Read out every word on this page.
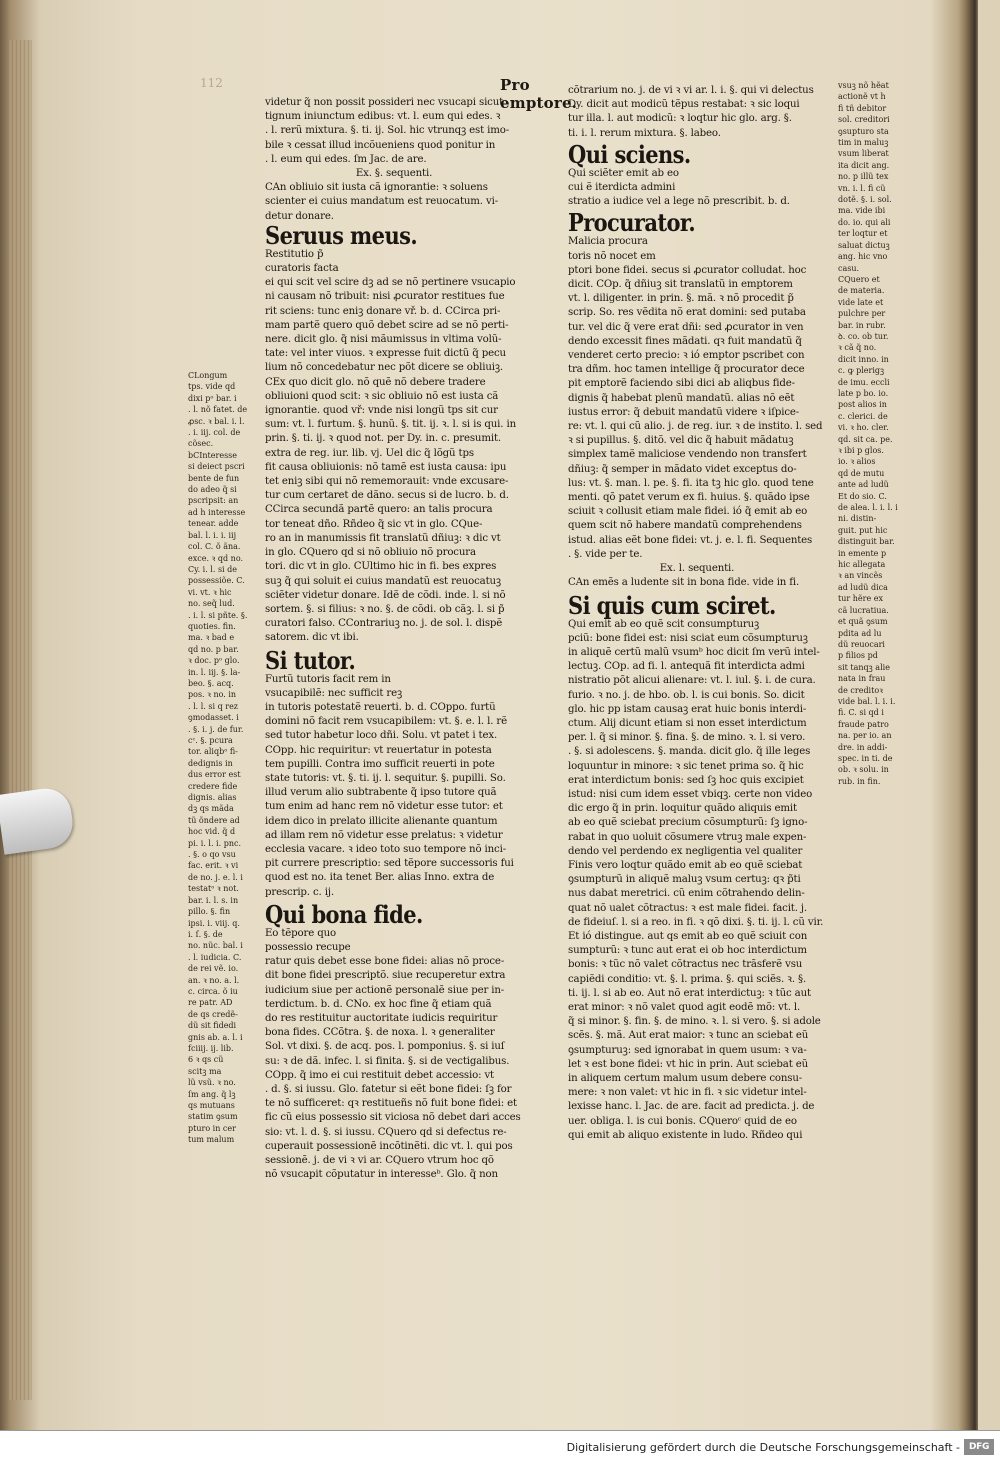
112	Pro emptore.
CLongum
tps. vide qd
dixi pᵒ bar. i
. l. nõ fatet. de
ꝓsc. ꝛ bal. i. l.
. i. iij. col. de
cõsec.
bCInteresse
si deiect pscri
bente de fun
do adeo q̃ si
pscripsit: an
ad h interesse
tenear. adde
bal. l. i. i. iij
col. C. õ ãna.
exce. ꝛ qd no.
Cy. i. l. si de
possessiõe. C.
vi. vt. ꝛ hic
no. seq̃ lud.
. i. l. si pñte. §.
quoties. fin.
ma. ꝛ bad e
qd no. p bar.
ꝛ doc. pᵒ glo.
in. l. iij. §. la-
beo. §. acq.
pos. ꝛ no. in
. l. l. si q rez
ꝯmodasset. i
. §. i. j. de fur.
cᶜ. §. pcura
tor. aliqbᵒ fi-
dedignis in
dus error est
credere fide
dignis. alias
dꝫ qs mãda
tũ õndere ad
hoc vid. q̃ d
pi. i. l. i. pnc.
. §. o qo vsu
fac. erit. ꝛ vi
de no. j. e. l. i
testatᵒ ꝛ not.
bar. i. l. s. in
pillo. §. fin
ipsi. i. viij. q.
i. ſ. §. de
no. nũc. bal. i
. l. iudicia. C.
de rei vẽ. io.
an. ꝛ no. a. l.
c. circa. õ iu
re patr. AD
de qs credẽ-
dũ sit fidedi
gnis ab. a. l. i
fciiij. ij. lib.
6 ꝛ qs cũ
scitꝫ ma
lũ vsũ. ꝛ no.
ſm ang. q̃ lꝫ
qs mutuans
statim ꝯsum
pturo in cer
tum malum
vsuꝫ nõ hẽat
actionẽ vt h
fi tñ debitor
sol. creditori
ꝯsupturo sta
tim in maluꝫ
vsum liberat
ita dicit ang.
no. p illũ tex
vn. i. l. fi cũ
dotẽ. §. i. sol.
ma. vide ibi
do. io. qui ali
ter loqtur et
saluat dictuꝫ
ang. hic vno
casu.
CQuero et
de materia.
vide late et
pulchre per
bar. in rubr.
ꝺ. co. ob tur.
ꝛ cã q̃ no.
dicit inno. in
c. ꝙ plerigꝫ
de imu. eccli
late p bo. io.
post alios in
c. clerici. de
vi. ꝛ ho. cler.
qd. sit ca. pe.
ꝛ ibi p glos.
io. ꝛ alios
qd de mutu
ante ad ludũ
Et do sio. C.
de alea. l. i. l. i
ni. distin-
guit. put hic
distinguit bar.
in emente p
hic allegata
ꝛ an vincẽs
ad ludũ dica
tur hẽre ex
cã lucratiua.
et quã ꝯsum
pdita ad lu
dũ reuocari
p filios pd
sit tanqꝫ alie
nata in frau
de creditoꝛ
vide bal. l. i. i.
fi. C. si qd i
fraude patro
na. per io. an
dre. in addi-
spec. in ti. de
ob. ꝛ solu. in
rub. in fin.

videtur q̃ non possit possideri nec vsucapi sicut
tignum iniunctum edibus: vt. l. eum qui edes. ꝛ
. l. rerũ mixtura. §. ti. ij. Sol. hic vtrunqꝫ est imo-
bile ꝛ cessat illud incõueniens quod ponitur in
. l. eum qui edes. ſm Jac. de are.
Ex. §. sequenti.
CAn obliuio sit iusta cã ignorantie: ꝛ soluens
scienter ei cuius mandatum est reuocatum. vi-
detur donare.

Seruus meus.

Restitutio p̃
curatoris facta

ei qui scit vel scire dꝫ ad se nõ pertinere vsucapio
ni causam nõ tribuit: nisi ꝓcurator restitues fue
rit sciens: tunc eniꝫ donare vř. b. d. CCirca pri-
mam partẽ quero quõ debet scire ad se nõ perti-
nere. dicit glo. q̃ nisi mãumissus in vltima volũ-
tate: vel inter viuos. ꝛ expresse fuit dictũ q̃ pecu
lium nõ concedebatur nec põt dicere se obliuiꝫ.
CEx quo dicit glo. nõ quẽ nõ debere tradere
obliuioni quod scit: ꝛ sic obliuio nõ est iusta cã
ignorantie. quod vř: vnde nisi longũ tps sit cur
sum: vt. l. furtum. §. hunũ. §. tit. ij. ꝛ. l. si is qui. in
prin. §. ti. ij. ꝛ quod not. per Dy. in. c. presumit.
extra de reg. iur. lib. vj. Uel dic q̃ lõgũ tps
fit causa obliuionis: nõ tamẽ est iusta causa: ipu
tet eniꝫ sibi qui nõ rememorauit: vnde excusare-
tur cum certaret de dãno. secus si de lucro. b. d.
CCirca secundã partẽ quero: an talis procura
tor teneat dño. Rñdeo q̃ sic vt in glo. CQue-
ro an in manumissis fit translatũ dñiuꝫ: ꝛ dic vt
in glo. CQuero qd si nõ obliuio nõ procura
tori. dic vt in glo. CUltimo hic in fi. bes expres
suꝫ q̃ qui soluit ei cuius mandatũ est reuocatuꝫ
sciẽter videtur donare. Idẽ de cõdi. inde. l. si nõ
sortem. §. si filius: ꝛ no. §. de cõdi. ob cãꝫ. l. si p̃
curatori falso. CContrariuꝫ no. j. de sol. l. dispẽ
satorem. dic vt ibi.

Si tutor.

Furtũ tutoris facit rem in
vsucapibilẽ: nec sufficit reꝫ

in tutoris potestatẽ reuerti. b. d. COppo. furtũ
domini nõ facit rem vsucapibilem: vt. §. e. l. l. rẽ
sed tutor habetur loco dñi. Solu. vt patet i tex.
COpp. hic requiritur: vt reuertatur in potesta
tem pupilli. Contra imo sufficit reuerti in pote
state tutoris: vt. §. ti. ij. l. sequitur. §. pupilli. So.
illud verum alio subtrabente q̃ ipso tutore quã
tum enim ad hanc rem nõ videtur esse tutor: et
idem dico in prelato illicite alienante quantum
ad illam rem nõ videtur esse prelatus: ꝛ videtur
ecclesia vacare. ꝛ ideo toto suo tempore nõ inci-
pit currere prescriptio: sed tẽpore successoris fui
quod est no. ita tenet Ber. alias Inno. extra de
prescrip. c. ij.

Qui bona fide.

Eo tẽpore quo
possessio recupe

ratur quis debet esse bone fidei: alias nõ proce-
dit bone fidei prescriptõ. siue recuperetur extra
iudicium siue per actionẽ personalẽ siue per in-
terdictum. b. d. CNo. ex hoc fine q̃ etiam quã
do res restituitur auctoritate iudicis requiritur
bona fides. CCõtra. §. de noxa. l. ꝛ generaliter
Sol. vt dixi. §. de acq. pos. l. pomponius. §. si iuſ
su: ꝛ de dã. infec. l. si finita. §. si de vectigalibus.
COpp. q̃ imo ei cui restituit debet accessio: vt
. d. §. si iussu. Glo. fatetur si eẽt bone fidei: ſꝫ for
te nõ sufficeret: qꝛ restitueñs nõ fuit bone fidei: et
fic cũ eius possessio sit viciosa nõ debet dari acces
sio: vt. l. d. §. si iussu. CQuero qd si defectus re-
cuperauit possessionẽ incõtinẽti. dic vt. l. qui pos
sessionẽ. j. de vi ꝛ vi ar. CQuero vtrum hoc qõ
nõ vsucapit cõputatur in interesseᵇ. Glo. q̃ non

cõtrarium no. j. de vi ꝛ vi ar. l. i. §. qui vi delectus
Dy. dicit aut modicũ tẽpus restabat: ꝛ sic loqui
tur illa. l. aut modicũ: ꝛ loqtur hic glo. arg. §.
ti. i. l. rerum mixtura. §. labeo.

Qui sciens.

Qui sciẽter emit ab eo
cui ẽ iterdicta admini

stratio a iudice vel a lege nõ prescribit. b. d.

Procurator.

Malicia procura
toris nõ nocet em

ptori bone fidei. secus si ꝓcurator colludat. hoc
dicit. COp. q̃ dñiuꝫ sit translatũ in emptorem
vt. l. diligenter. in prin. §. mã. ꝛ nõ procedit p̃
scrip. So. res vẽdita nõ erat domini: sed putaba
tur. vel dic q̃ vere erat dñi: sed ꝓcurator in ven
dendo excessit fines mãdati. qꝛ fuit mandatũ q̃
venderet certo precio: ꝛ ió emptor pscribet con
tra dñm. hoc tamen intellige q̃ procurator dece
pit emptorẽ faciendo sibi dici ab aliqbus fide-
dignis q̃ habebat plenũ mandatũ. alias nõ eẽt
iustus error: q̃ debuit mandatũ videre ꝛ iſpice-
re: vt. l. qui cũ alio. j. de reg. iur. ꝛ de instito. l. sed
ꝛ si pupillus. §. ditõ. vel dic q̃ habuit mãdatuꝫ
simplex tamẽ maliciose vendendo non transfert
dñiuꝫ: q̃ semper in mãdato videt exceptus do-
lus: vt. §. man. l. pe. §. fi. ita tꝫ hic glo. quod tene
menti. qõ patet verum ex fi. huius. §. quãdo ipse
sciuit ꝛ collusit etiam male fidei. ió q̃ emit ab eo
quem scit nõ habere mandatũ comprehendens
istud. alias eẽt bone fidei: vt. j. e. l. fi. Sequentes
. §. vide per te.
Ex. l. sequenti.
CAn emẽs a ludente sit in bona fide. vide in fi.

Si quis cum sciret.

Qui emit ab eo quẽ scit consumpturuꝫ
pciũ: bone fidei est: nisi sciat eum cõsumpturuꝫ
in aliquẽ certũ malũ vsumᵇ hoc dicit ſm verũ intel-
lectuꝫ. COp. ad fi. l. antequã fit interdicta admi
nistratio põt alicui alienare: vt. l. iul. §. i. de cura.
furio. ꝛ no. j. de hbo. ob. l. is cui bonis. So. dicit
glo. hic pp istam causaꝫ erat huic bonis interdi-
ctum. Alij dicunt etiam si non esset interdictum
per. l. q̃ si minor. §. fina. §. de mino. ꝛ. l. si vero.
. §. si adolescens. §. manda. dicit glo. q̃ ille leges
loquuntur in minore: ꝛ sic tenet prima so. q̃ hic
erat interdictum bonis: sed ſꝫ hoc quis excipiet
istud: nisi cum idem esset vbiqꝫ. certe non video
dic ergo q̃ in prin. loquitur quãdo aliquis emit
ab eo quẽ sciebat precium cõsumpturũ: ſꝫ igno-
rabat in quo uoluit cõsumere vtruꝫ male expen-
dendo vel perdendo ex negligentia vel qualiter
Finis vero loqtur quãdo emit ab eo quẽ sciebat
ꝯsumpturũ in aliquẽ maluꝫ vsum certuꝫ: qꝛ p̃ti
nus dabat meretrici. cũ enim cõtrahendo delin-
quat nõ ualet cõtractus: ꝛ est male fidei. facit. j.
de fideiuſ. l. si a reo. in fi. ꝛ qõ dixi. §. ti. ij. l. cũ vir.
Et ió distingue. aut qs emit ab eo quẽ sciuit con
sumpturũ: ꝛ tunc aut erat ei ob hoc interdictum
bonis: ꝛ tũc nõ valet cõtractus nec trãsferẽ vsu
capiẽdi conditio: vt. §. l. prima. §. qui sciẽs. ꝛ. §.
ti. ij. l. si ab eo. Aut nõ erat interdictuꝫ: ꝛ tũc aut
erat minor: ꝛ nõ valet quod agit eodẽ mõ: vt. l.
q̃ si minor. §. fin. §. de mino. ꝛ. l. si vero. §. si adole
scẽs. §. mã. Aut erat maior: ꝛ tunc an sciebat eũ
ꝯsumpturuꝫ: sed ignorabat in quem usum: ꝛ va-
let ꝛ est bone fidei: vt hic in prin. Aut sciebat eũ
in aliquem certum malum usum debere consu-
mere: ꝛ non valet: vt hic in fi. ꝛ sic videtur intel-
lexisse hanc. l. Jac. de are. facit ad predicta. j. de
uer. obliga. l. is cui bonis. CQueroᶜ quid de eo
qui emit ab aliquo existente in ludo. Rñdeo qui

Digitalisierung gefördert durch die Deutsche Forschungsgemeinschaft - DFG
